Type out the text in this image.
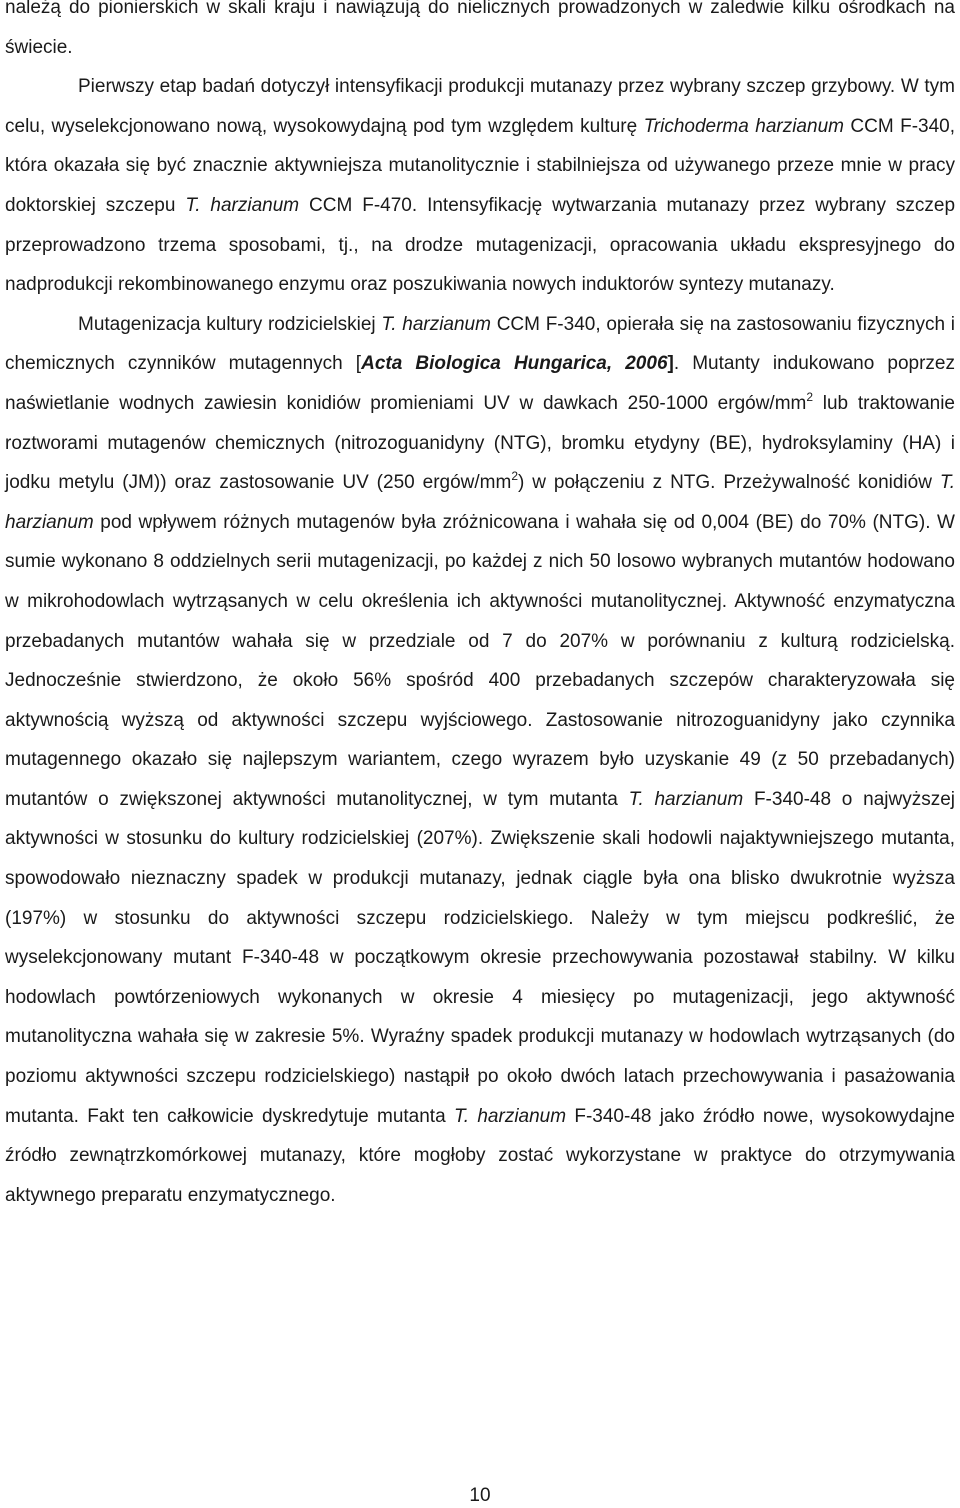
należą do pionierskich w skali kraju i nawiązują do nielicznych prowadzonych w zaledwie kilku ośrodkach na świecie.

Pierwszy etap badań dotyczył intensyfikacji produkcji mutanazy przez wybrany szczep grzybowy. W tym celu, wyselekcjonowano nową, wysokowydajną pod tym względem kulturę Trichoderma harzianum CCM F-340, która okazała się być znacznie aktywniejsza mutanolitycznie i stabilniejsza od używanego przeze mnie w pracy doktorskiej szczepu T. harzianum CCM F-470. Intensyfikację wytwarzania mutanazy przez wybrany szczep przeprowadzono trzema sposobami, tj., na drodze mutagenizacji, opracowania układu ekspresyjnego do nadprodukcji rekombinowanego enzymu oraz poszukiwania nowych induktorów syntezy mutanazy.

Mutagenizacja kultury rodzicielskiej T. harzianum CCM F-340, opierała się na zastosowaniu fizycznych i chemicznych czynników mutagennych [Acta Biologica Hungarica, 2006]. Mutanty indukowano poprzez naświetlanie wodnych zawiesin konidiów promieniami UV w dawkach 250-1000 ergów/$mm^2$ lub traktowanie roztworami mutagenów chemicznych (nitrozoguanidyny (NTG), bromku etydyny (BE), hydroksylaminy (HA) i jodku metylu (JM)) oraz zastosowanie UV (250 ergów/$mm^2$) w połączeniu z NTG. Przeżywalność konidiów T. harzianum pod wpływem różnych mutagenów była zróżnicowana i wahała się od 0,004 (BE) do 70% (NTG). W sumie wykonano 8 oddzielnych serii mutagenizacji, po każdej z nich 50 losowo wybranych mutantów hodowano w mikrohodowlach wytrząsanych w celu określenia ich aktywności mutanolitycznej. Aktywność enzymatyczna przebadanych mutantów wahała się w przedziale od 7 do 207% w porównaniu z kulturą rodzicielską. Jednocześnie stwierdzono, że około 56% spośród 400 przebadanych szczepów charakteryzowała się aktywnością wyższą od aktywności szczepu wyjściowego. Zastosowanie nitrozoguanidyny jako czynnika mutagennego okazało się najlepszym wariantem, czego wyrazem było uzyskanie 49 (z 50 przebadanych) mutantów o zwiększonej aktywności mutanolitycznej, w tym mutanta T. harzianum F-340-48 o najwyższej aktywności w stosunku do kultury rodzicielskiej (207%). Zwiększenie skali hodowli najaktywniejszego mutanta, spowodowało nieznaczny spadek w produkcji mutanazy, jednak ciągle była ona blisko dwukrotnie wyższa (197%) w stosunku do aktywności szczepu rodzicielskiego. Należy w tym miejscu podkreślić, że wyselekcjonowany mutant F-340-48 w początkowym okresie przechowywania pozostawał stabilny. W kilku hodowlach powtórzeniowych wykonanych w okresie 4 miesięcy po mutagenizacji, jego aktywność mutanolityczna wahała się w zakresie 5%. Wyraźny spadek produkcji mutanazy w hodowlach wytrząsanych (do poziomu aktywności szczepu rodzicielskiego) nastąpił po około dwóch latach przechowywania i pasażowania mutanta. Fakt ten całkowicie dyskredytuje mutanta T. harzianum F-340-48 jako źródło nowe, wysokowydajne źródło zewnątrzkomórkowej mutanazy, które mogłoby zostać wykorzystane w praktyce do otrzymywania aktywnego preparatu enzymatycznego.

10
